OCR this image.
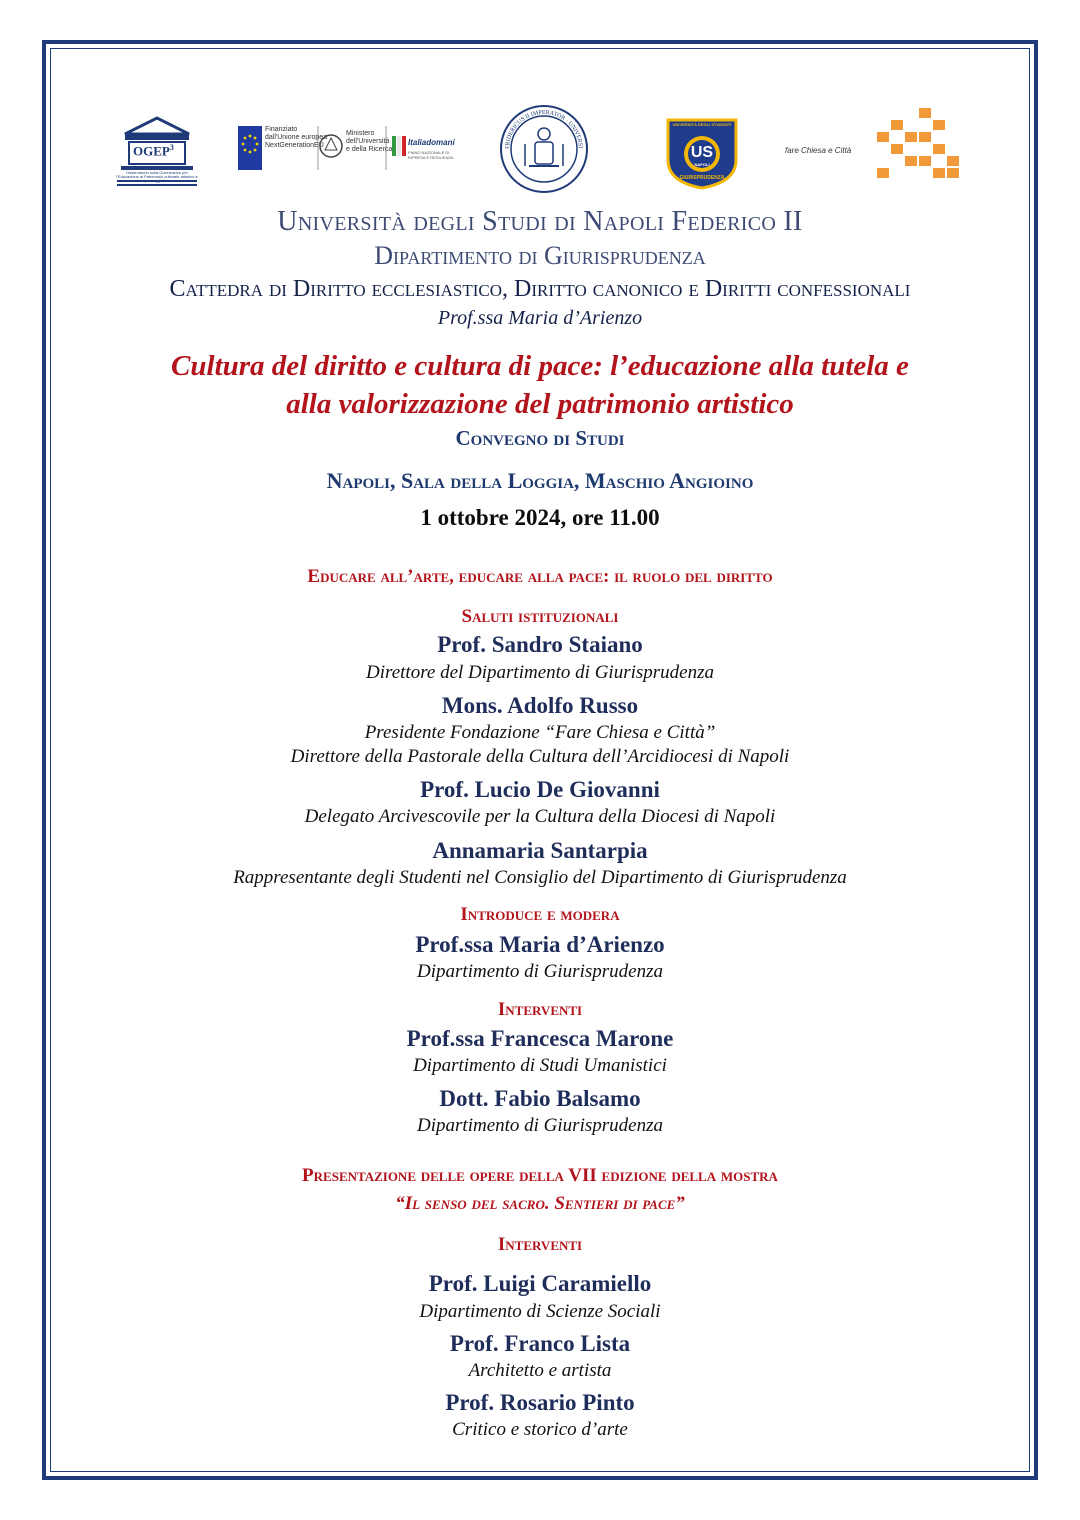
OGEP$^3$
Osservatorio sulla Governance per l'Educazione al Patrimonio culturale artistico e paesaggistico
Finanziato
dall'Unione europea
NextGenerationEU
Ministero
dell'Università
e della Ricerca
Italiadomani
PIANO NAZIONALE DI RIPRESA E RESILIENZA
FRIDERICUS II IMPERATOR · UNIVERSI
UNIVERSITÀ DEGLI STUDENTI
US
NAPOLI
GIURISPRUDENZA
fare Chiesa e Città
Università degli Studi di Napoli Federico II
Dipartimento di Giurisprudenza
Cattedra di Diritto ecclesiastico, Diritto canonico e Diritti confessionali
Prof.ssa Maria d’Arienzo
Cultura del diritto e cultura di pace: l’educazione alla tutela e
alla valorizzazione del patrimonio artistico
Convegno di Studi
Napoli, Sala della Loggia, Maschio Angioino
1 ottobre 2024, ore 11.00
Educare all’arte, educare alla pace: il ruolo del diritto
Saluti istituzionali
Prof. Sandro Staiano
Direttore del Dipartimento di Giurisprudenza
Mons. Adolfo Russo
Presidente Fondazione “Fare Chiesa e Città”
Direttore della Pastorale della Cultura dell’Arcidiocesi di Napoli
Prof. Lucio De Giovanni
Delegato Arcivescovile per la Cultura della Diocesi di Napoli
Annamaria Santarpia
Rappresentante degli Studenti nel Consiglio del Dipartimento di Giurisprudenza
Introduce e modera
Prof.ssa Maria d’Arienzo
Dipartimento di Giurisprudenza
Interventi
Prof.ssa Francesca Marone
Dipartimento di Studi Umanistici
Dott. Fabio Balsamo
Dipartimento di Giurisprudenza
Presentazione delle opere della VII edizione della mostra
“Il senso del sacro. Sentieri di pace”
Interventi
Prof. Luigi Caramiello
Dipartimento di Scienze Sociali
Prof. Franco Lista
Architetto e artista
Prof. Rosario Pinto
Critico e storico d’arte
